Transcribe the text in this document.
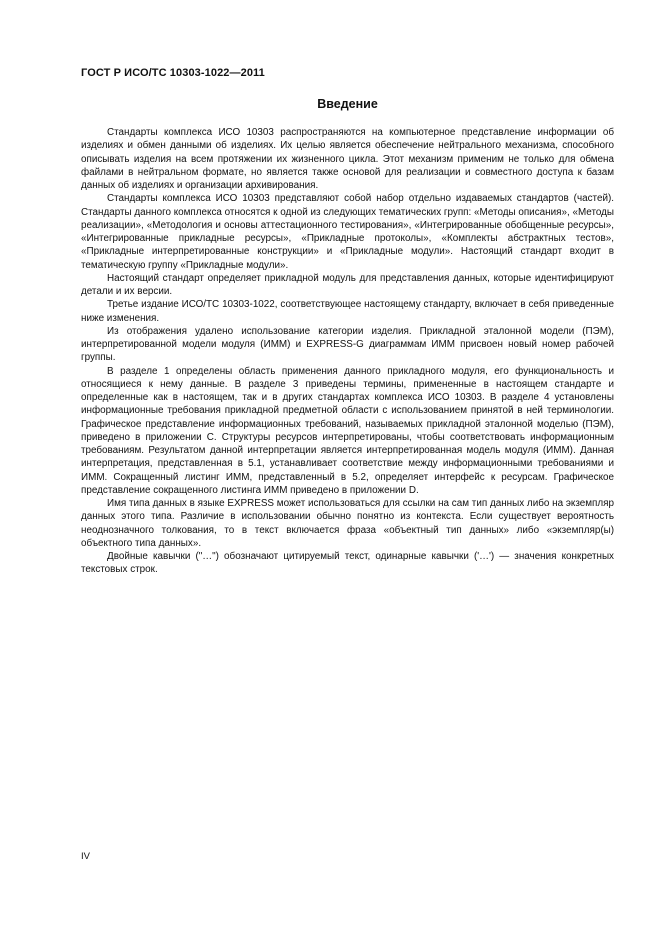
ГОСТ Р ИСО/ТС 10303-1022—2011
Введение

Стандарты комплекса ИСО 10303 распространяются на компьютерное представление информации об изделиях и обмен данными об изделиях. Их целью является обеспечение нейтрального механизма, способного описывать изделия на всем протяжении их жизненного цикла. Этот механизм применим не только для обмена файлами в нейтральном формате, но является также основой для реализации и совместного доступа к базам данных об изделиях и организации архивирования.

Стандарты комплекса ИСО 10303 представляют собой набор отдельно издаваемых стандартов (частей). Стандарты данного комплекса относятся к одной из следующих тематических групп: «Методы описания», «Методы реализации», «Методология и основы аттестационного тестирования», «Интегрированные обобщенные ресурсы», «Интегрированные прикладные ресурсы», «Прикладные протоколы», «Комплекты абстрактных тестов», «Прикладные интерпретированные конструкции» и «Прикладные модули». Настоящий стандарт входит в тематическую группу «Прикладные модули».

Настоящий стандарт определяет прикладной модуль для представления данных, которые идентифицируют детали и их версии.

Третье издание ИСО/ТС 10303-1022, соответствующее настоящему стандарту, включает в себя приведенные ниже изменения.

Из отображения удалено использование категории изделия. Прикладной эталонной модели (ПЭМ), интерпретированной модели модуля (ИММ) и EXPRESS-G диаграммам ИММ присвоен новый номер рабочей группы.

В разделе 1 определены область применения данного прикладного модуля, его функциональность и относящиеся к нему данные. В разделе 3 приведены термины, примененные в настоящем стандарте и определенные как в настоящем, так и в других стандартах комплекса ИСО 10303. В разделе 4 установлены информационные требования прикладной предметной области с использованием принятой в ней терминологии. Графическое представление информационных требований, называемых прикладной эталонной моделью (ПЭМ), приведено в приложении С. Структуры ресурсов интерпретированы, чтобы соответствовать информационным требованиям. Результатом данной интерпретации является интерпретированная модель модуля (ИММ). Данная интерпретация, представленная в 5.1, устанавливает соответствие между информационными требованиями и ИММ. Сокращенный листинг ИММ, представленный в 5.2, определяет интерфейс к ресурсам. Графическое представление сокращенного листинга ИММ приведено в приложении D.

Имя типа данных в языке EXPRESS может использоваться для ссылки на сам тип данных либо на экземпляр данных этого типа. Различие в использовании обычно понятно из контекста. Если существует вероятность неоднозначного толкования, то в текст включается фраза «объектный тип данных» либо «экземпляр(ы) объектного типа данных».

Двойные кавычки ("…") обозначают цитируемый текст, одинарные кавычки ('…') — значения конкретных текстовых строк.

IV
